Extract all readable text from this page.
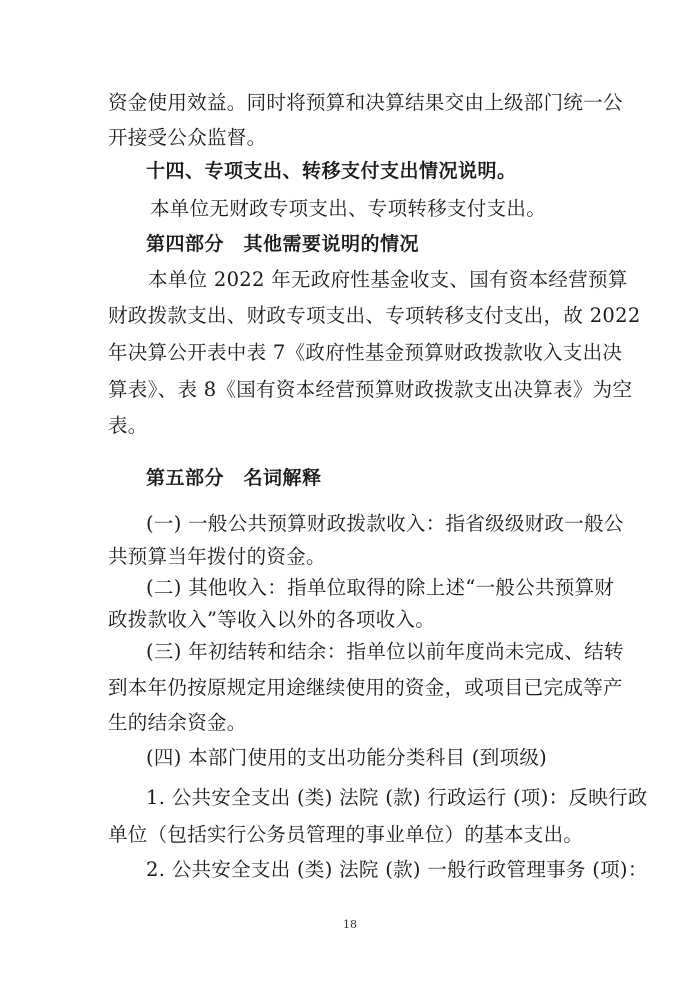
资金使用效益。同时将预算和决算结果交由上级部门统一公
开接受公众监督。
十四、专项支出、转移支付支出情况说明。
本单位无财政专项支出、专项转移支付支出。
第四部分　其他需要说明的情况
本单位 2022 年无政府性基金收支、国有资本经营预算
财政拨款支出、财政专项支出、专项转移支付支出，故 2022
年决算公开表中表 7《政府性基金预算财政拨款收入支出决
算表》、表 8《国有资本经营预算财政拨款支出决算表》为空
表。
第五部分　名词解释
(一) 一般公共预算财政拨款收入：指省级级财政一般公
共预算当年拨付的资金。
(二) 其他收入：指单位取得的除上述“一般公共预算财
政拨款收入”等收入以外的各项收入。
(三) 年初结转和结余：指单位以前年度尚未完成、结转
到本年仍按原规定用途继续使用的资金，或项目已完成等产
生的结余资金。
(四) 本部门使用的支出功能分类科目 (到项级)
1. 公共安全支出 (类) 法院 (款) 行政运行 (项)：反映行政
单位（包括实行公务员管理的事业单位）的基本支出。
2. 公共安全支出 (类) 法院 (款) 一般行政管理事务 (项)：
18
